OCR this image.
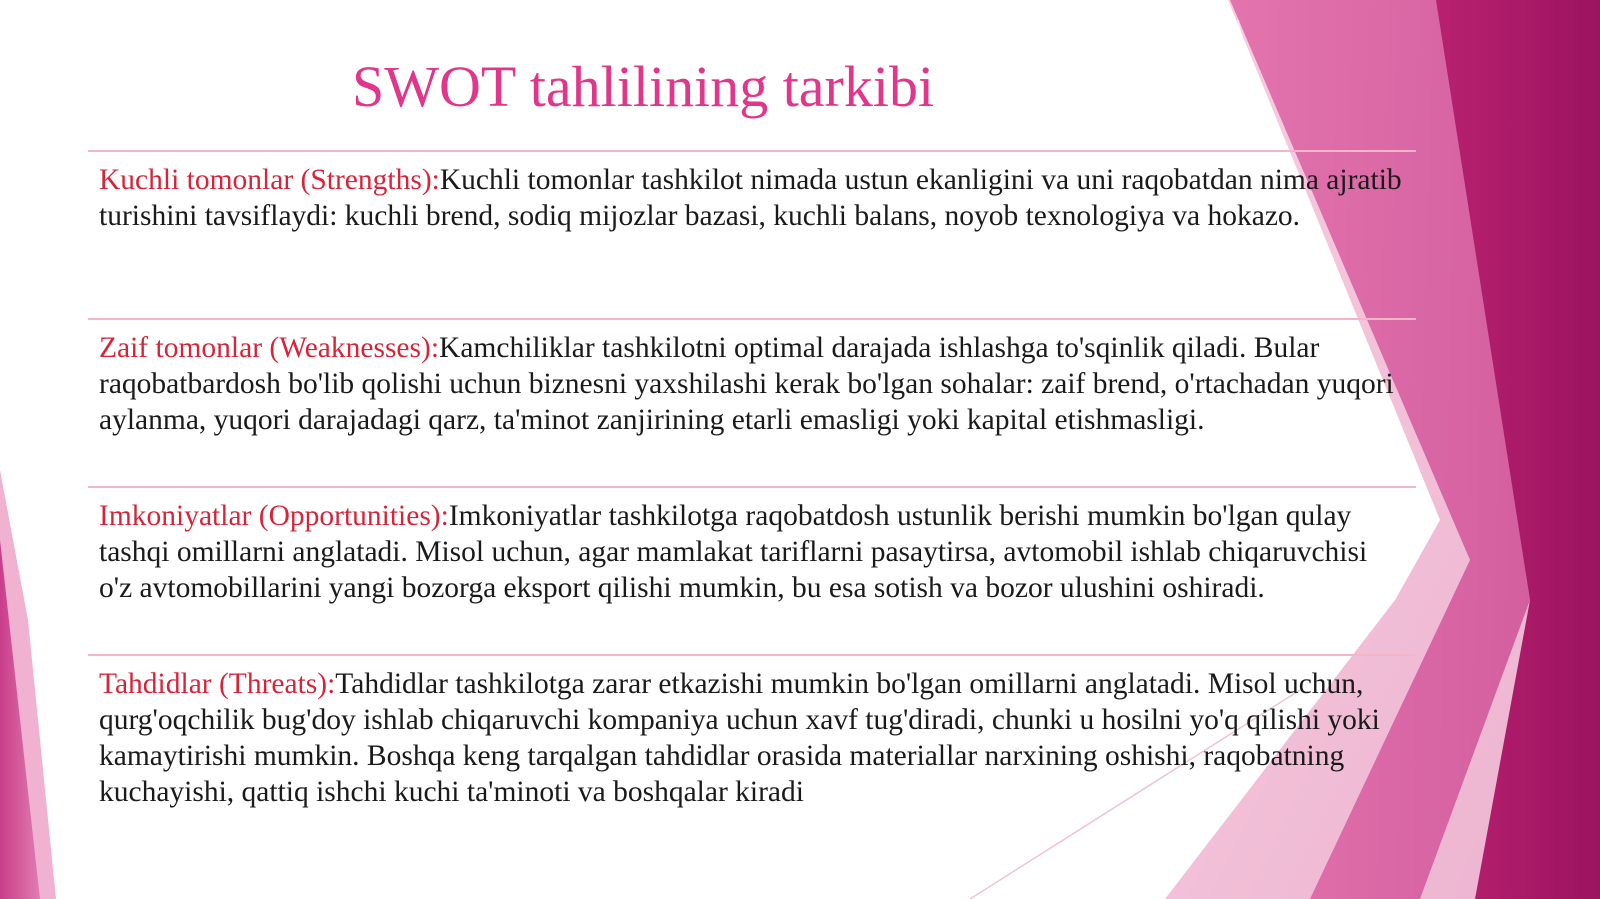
SWOT tahlilining tarkibi
Kuchli tomonlar (Strengths):Kuchli tomonlar tashkilot nimada ustun ekanligini va uni raqobatdan nima ajratib turishini tavsiflaydi: kuchli brend, sodiq mijozlar bazasi, kuchli balans, noyob texnologiya va hokazo.
Zaif tomonlar (Weaknesses):Kamchiliklar tashkilotni optimal darajada ishlashga to'sqinlik qiladi. Bular raqobatbardosh bo'lib qolishi uchun biznesni yaxshilashi kerak bo'lgan sohalar: zaif brend, o'rtachadan yuqori aylanma, yuqori darajadagi qarz, ta'minot zanjirining etarli emasligi yoki kapital etishmasligi.
Imkoniyatlar (Opportunities):Imkoniyatlar tashkilotga raqobatdosh ustunlik berishi mumkin bo'lgan qulay tashqi omillarni anglatadi. Misol uchun, agar mamlakat tariflarni pasaytirsa, avtomobil ishlab chiqaruvchisi o'z avtomobillarini yangi bozorga eksport qilishi mumkin, bu esa sotish va bozor ulushini oshiradi.
Tahdidlar (Threats):Tahdidlar tashkilotga zarar etkazishi mumkin bo'lgan omillarni anglatadi. Misol uchun, qurg'oqchilik bug'doy ishlab chiqaruvchi kompaniya uchun xavf tug'diradi, chunki u hosilni yo'q qilishi yoki kamaytirishi mumkin. Boshqa keng tarqalgan tahdidlar orasida materiallar narxining oshishi, raqobatning kuchayishi, qattiq ishchi kuchi ta'minoti va boshqalar kiradi
